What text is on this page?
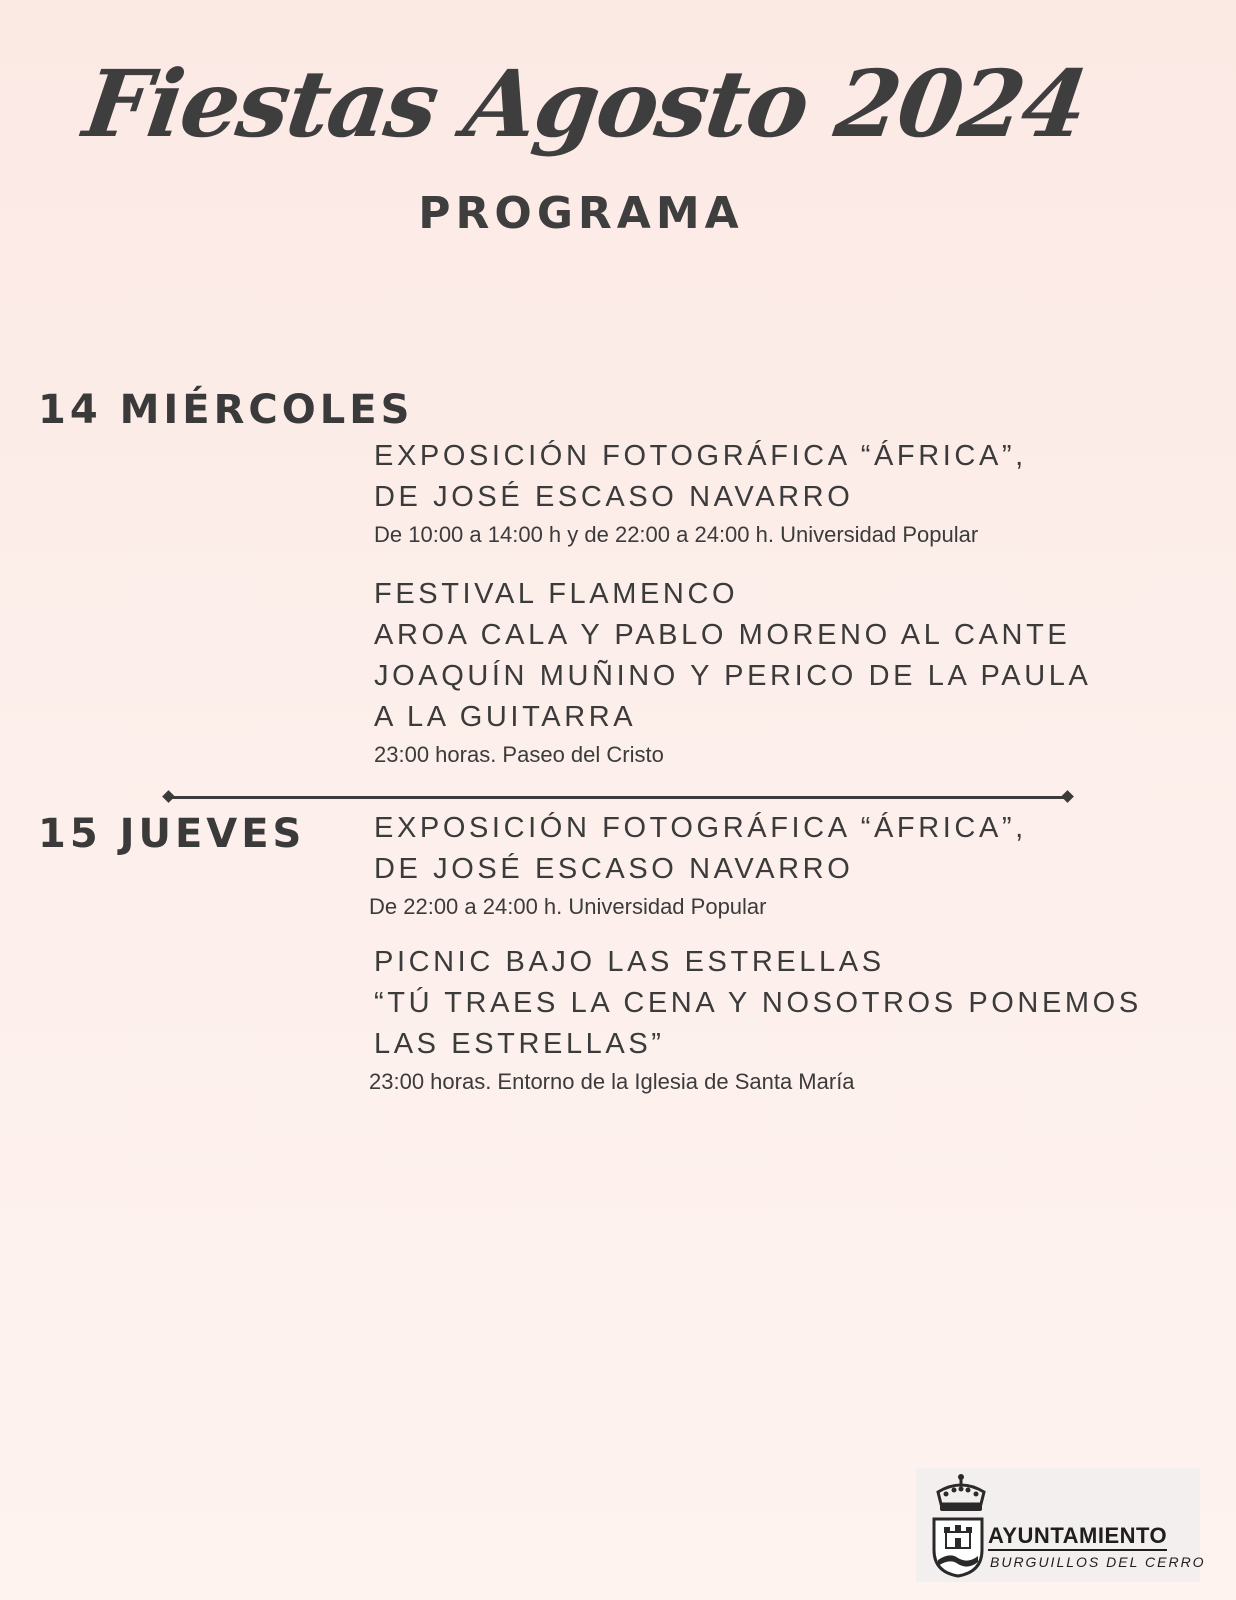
Fiestas Agosto 2024
PROGRAMA
14 MIÉRCOLES
EXPOSICIÓN FOTOGRÁFICA “ÁFRICA”,
DE JOSÉ ESCASO NAVARRO
De 10:00 a 14:00 h y de 22:00 a 24:00 h. Universidad Popular
FESTIVAL FLAMENCO
AROA CALA Y PABLO MORENO AL CANTE
JOAQUÍN MUÑINO Y PERICO DE LA PAULA
A LA GUITARRA
23:00 horas. Paseo del Cristo
15 JUEVES EXPOSICIÓN FOTOGRÁFICA “ÁFRICA”,
DE JOSÉ ESCASO NAVARRO
De 22:00 a 24:00 h. Universidad Popular
PICNIC BAJO LAS ESTRELLAS
“TÚ TRAES LA CENA Y NOSOTROS PONEMOS
LAS ESTRELLAS”
23:00 horas. Entorno de la Iglesia de Santa María
AYUNTAMIENTO
BURGUILLOS DEL CERRO
